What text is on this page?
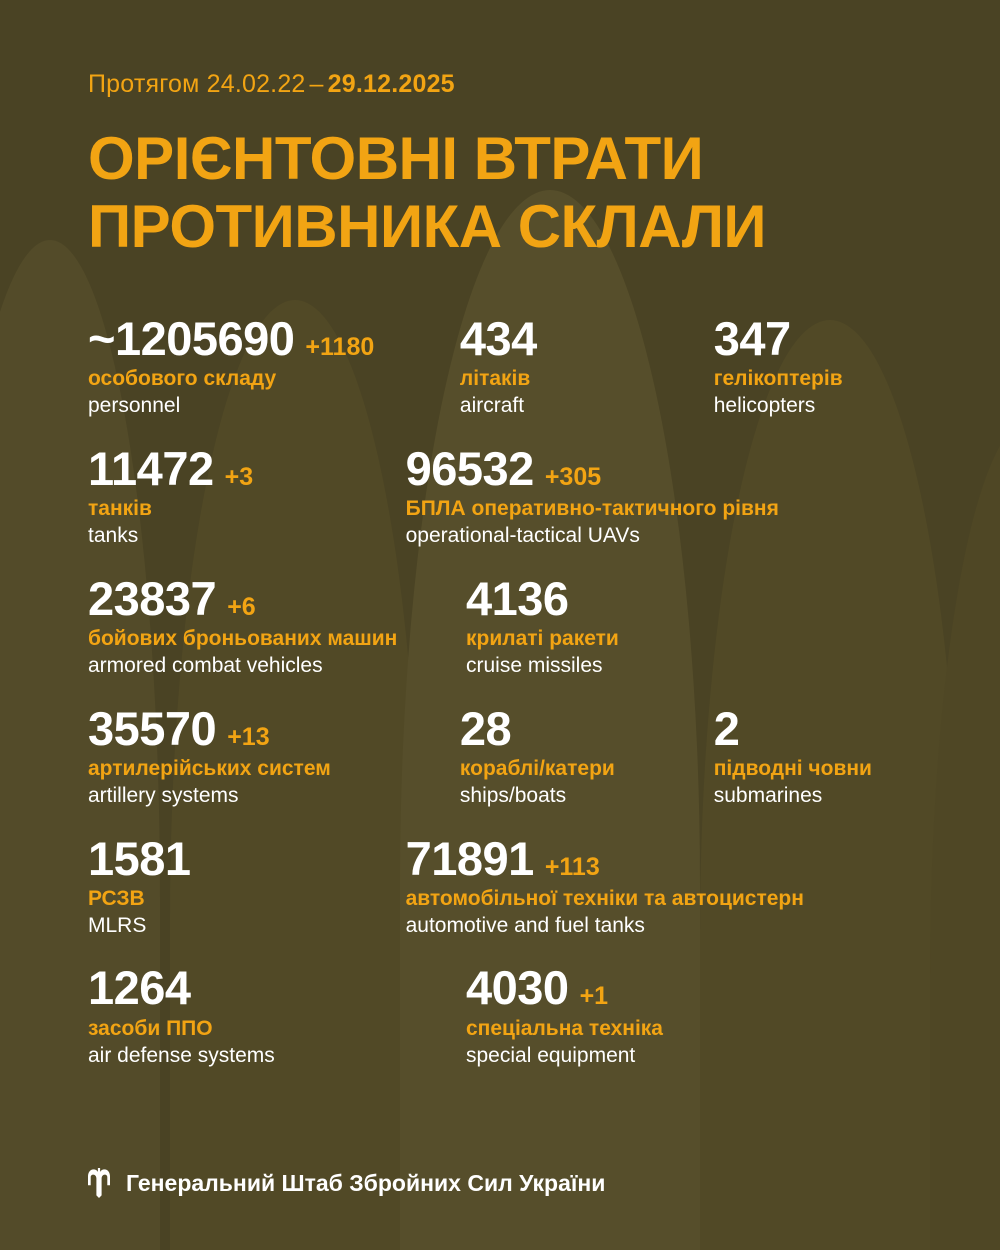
Протягом 24.02.22 – 29.12.2025
ОРІЄНТОВНІ ВТРАТИ
ПРОТИВНИКА СКЛАЛИ
~1205690 +1180
особового складу
personnel
434
літаків
aircraft
347
гелікоптерів
helicopters
11472 +3
танків
tanks
96532 +305
БПЛА оперативно-тактичного рівня
operational-tactical UAVs
23837 +6
бойових броньованих машин
armored combat vehicles
4136
крилаті ракети
cruise missiles
35570 +13
артилерійських систем
artillery systems
28
кораблі/катери
ships/boats
2
підводні човни
submarines
1581
РСЗВ
MLRS
71891 +113
автомобільної техніки та автоцистерн
automotive and fuel tanks
1264
засоби ППО
air defense systems
4030 +1
спеціальна техніка
special equipment
Генеральний Штаб Збройних Сил України
